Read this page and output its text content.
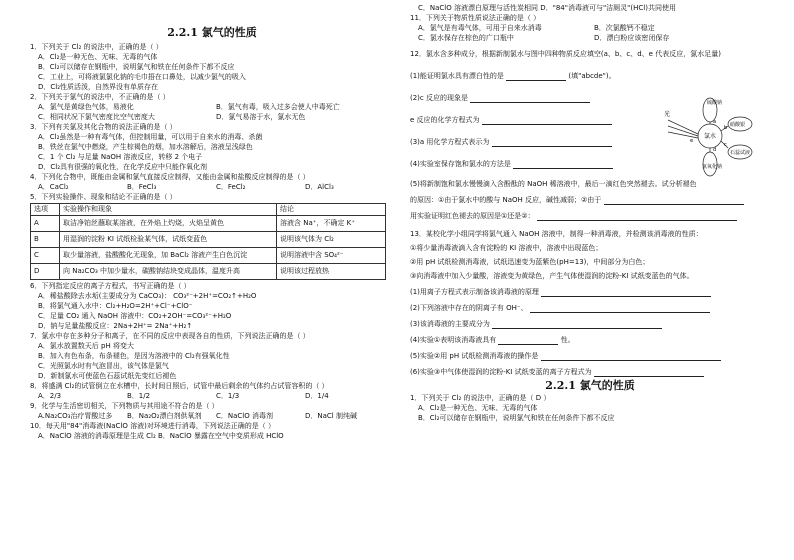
2.2.1 氯气的性质
1．下列关于 Cl₂ 的说法中，正确的是（ ）
A．Cl₂是一种无色、无味、无毒的气体
B．Cl₂可以储存在钢瓶中，说明氯气和铁在任何条件下都不反应
C．工业上，可将液氯氯化钠的毛巾捂在口鼻处，以减少氯气的吸入
D．Cl₂性质活泼，自然界没有单质存在
2．下列关于氯气的说法中，不正确的是（ ）
A．氯气是黄绿色气体，易液化	B．氯气有毒，吸入过多会使人中毒死亡
C．相同状况下氯气密度比空气密度大	D．氯气易溶于水，氯水无色
3．下列有关氯及其化合物的说法正确的是（ ）
A．Cl₂虽然是一种有毒气体，但控制用量，可以用于自来水的消毒、杀菌
B．铁丝在氯气中燃烧，产生棕褐色的烟，加水溶解后，溶液呈浅绿色
C．1 个 Cl₂ 与足量 NaOH 溶液反应，转移 2 个电子
D．Cl₂具有很强的氧化性，在化学反应中只能作氧化剂
4．下列化合物中，既能由金属和氯气直接反应制得，又能由金属和盐酸反应制得的是（ ）
A．CaCl₂	B．FeCl₃	C．FeCl₂	D．AlCl₃
5．下列实验操作、现象和结论不正确的是（ ）
选项	实验操作和现象	结论
A	取洁净铂丝蘸取某溶液，在外焰上灼烧，火焰呈黄色	溶液含 Na⁺，不确定 K⁺
B	用湿润的淀粉 KI 试纸检验某气体，试纸变蓝色	说明该气体为 Cl₂
C	取少量溶液，盐酸酸化无现象，加 BaCl₂ 溶液产生白色沉淀	说明溶液中含 SO₄²⁻
D	向 Na₂CO₃ 中加少量水，碳酸钠结块变成晶体，温度升高	说明该过程放热
6．下列指定反应的离子方程式，书写正确的是（ ）
A．稀盐酸除去水垢(主要成分为 CaCO₃)： CO₃²⁻+2H⁺=CO₂↑+H₂O
B．将氯气通入水中：Cl₂+H₂O=2H⁺+Cl⁻+ClO⁻
C．足量 CO₂ 通入 NaOH 溶液中：CO₂+2OH⁻=CO₃²⁻+H₂O
D．钠与足量盐酸反应：2Na+2H⁺= 2Na⁺+H₂↑
7．氯水中存在多种分子和离子，在不同的反应中表现各自的性质，下列说法正确的是（ ）
A．氯水放置数天后 pH 将变大
B．加入有色布条，布条褪色，是因为溶液中的 Cl₂有强氧化性
C．光照氯水时有气泡冒出，该气体是氯气
D．新制氯水可使蓝色石蕊试纸先变红后褪色
8．将盛满 Cl₂的试管倒立在水槽中，长时间日照后，试管中最后剩余的气体约占试管容积的（ ）
A．2/3	B．1/2	C．1/3	D．1/4
9．化学与生活密切相关，下列物质与其用途不符合的是（ ）
A.Na₂CO₃治疗胃酸过多	B．Na₂O₂漂白剂供氧剂	C．NaClO 消毒剂	D．NaCl 制纯碱
10．每天用"84"消毒液(NaClO 溶液)对环境进行消毒，下列说法正确的是（ ）
A．NaClO 溶液的消毒原理是生成 Cl₂ B．NaClO 暴露在空气中变质形成 HClO
C．NaClO 溶液漂白原理与活性炭相同 D．"84"消毒液可与"洁厕灵"(HCl)共同使用
11．下列关于物质性质说法正确的是（ ）
A．氯气是有毒气体，可用于自来水消毒	B．次氯酸钙不稳定
C．氯水保存在棕色的广口瓶中	D．漂白粉应该密闭保存
12．氯水含多种成分，根据新制氯水与图中四种物质反应填空(a、b、c、d、e 代表反应，氯水足量)
(1)能证明氯水具有漂白性的是	(填"abcde")。
(2)c 反应的现象是
e 反应的化学方程式为
(3)a 用化学方程式表示为
(4)实验室保存饱和氯水的方法是
(5)将新制饱和氯水慢慢滴入含酚酞的 NaOH 稀溶液中，最后一滴红色突然褪去。试分析褪色
的原因：①由于氯水中的酸与 NaOH 反应，碱性减弱；②由于
用实验证明红色褪去的原因是①还是②：
13．某校化学小组同学将氯气通入 NaOH 溶液中，制得一种消毒液，并检测该消毒液的性质：
①将少量消毒液滴入含有淀粉的 KI 溶液中，溶液中出现蓝色；
②用 pH 试纸检测消毒液，试纸迅速变为蓝紫色(pH=13)，中间部分为白色；
③向消毒液中加入少量酸，溶液变为黄绿色，产生气体使湿润的淀粉-KI 试纸变蓝色的气体。
(1)用离子方程式表示制备该消毒液的原理
(2)下列溶液中存在的阴离子有 OH⁻、
(3)该消毒液的主要成分为
(4)实验①表明该消毒液具有	性。
(5)实验②用 pH 试纸检测消毒液的操作是
(6)实验③中气体使湿润的淀粉-KI 试纸变蓝的离子方程式为
2.2.1 氯气的性质
1．下列关于 Cl₂ 的说法中，正确的是（ D ）
A．Cl₂是一种无色、无味、无毒的气体
B．Cl₂可以储存在钢瓶中，说明氯气和铁在任何条件下都不反应
光
氯水
硫酸钠
硝酸银
石蕊试液
氢氧化钠
a
b
c
d
e
